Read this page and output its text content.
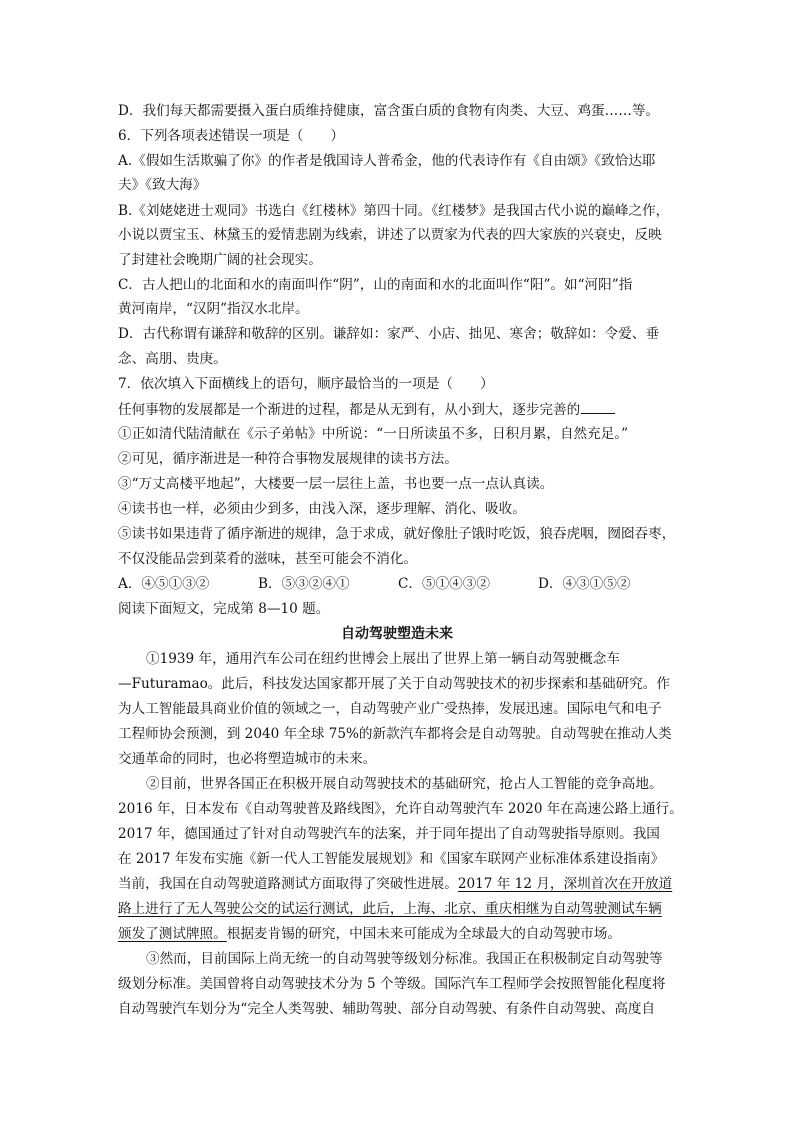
D．我们每天都需要摄入蛋白质维持健康，富含蛋白质的食物有肉类、大豆、鸡蛋……等。
6．下列各项表述错误一项是（　　）
A.《假如生活欺骗了你》的作者是俄国诗人普希金，他的代表诗作有《自由颂》《致恰达耶
夫》《致大海》
B.《刘姥姥进士观同》书选白《红楼林》第四十同。《红楼梦》是我国古代小说的巅峰之作，
小说以贾宝玉、林黛玉的爱情悲剧为线索，讲述了以贾家为代表的四大家族的兴衰史，反映
了封建社会晚期广阔的社会现实。
C．古人把山的北面和水的南面叫作“阴”，山的南面和水的北面叫作“阳”。如“河阳”指
黄河南岸，“汉阴”指汉水北岸。
D．古代称谓有谦辞和敬辞的区别。谦辞如：家严、小店、拙见、寒舍；敬辞如：令爱、垂
念、高朋、贵庚。
7．依次填入下面横线上的语句，顺序最恰当的一项是（　　）
任何事物的发展都是一个渐进的过程，都是从无到有，从小到大，逐步完善的
①正如清代陆清献在《示子弟帖》中所说：“一日所读虽不多，日积月累，自然充足。”
②可见，循序渐进是一种符合事物发展规律的读书方法。
③“万丈高楼平地起”，大楼要一层一层往上盖，书也要一点一点认真读。
④读书也一样，必须由少到多，由浅入深，逐步理解、消化、吸收。
⑤读书如果违背了循序渐进的规律，急于求成，就好像肚子饿时吃饭，狼吞虎咽，囫囵吞枣，
不仅没能品尝到菜肴的滋味，甚至可能会不消化。
A．④⑤①③②	B．⑤③②④①	C．⑤①④③②	D．④③①⑤②
阅读下面短文，完成第 8—10 题。
自动驾驶塑造未来
①1939 年，通用汽车公司在纽约世博会上展出了世界上第一辆自动驾驶概念车
—Futuramao。此后，科技发达国家都开展了关于自动驾驶技术的初步探索和基础研究。作
为人工智能最具商业价值的领域之一，自动驾驶产业广受热捧，发展迅速。国际电气和电子
工程师协会预测，到 2040 年全球 75%的新款汽车都将会是自动驾驶。自动驾驶在推动人类
交通革命的同时，也必将塑造城市的未来。
②目前，世界各国正在积极开展自动驾驶技术的基础研究，抢占人工智能的竞争高地。
2016 年，日本发布《自动驾驶普及路线图》，允许自动驾驶汽车 2020 年在高速公路上通行。
2017 年，德国通过了针对自动驾驶汽车的法案，并于同年提出了自动驾驶指导原则。我国
在 2017 年发布实施《新一代人工智能发展规划》和《国家车联网产业标准体系建设指南》
当前，我国在自动驾驶道路测试方面取得了突破性进展。2017 年 12 月，深圳首次在开放道
路上进行了无人驾驶公交的试运行测试，此后，上海、北京、重庆相继为自动驾驶测试车辆
颁发了测试牌照。根据麦肯锡的研究，中国未来可能成为全球最大的自动驾驶市场。
③然而，目前国际上尚无统一的自动驾驶等级划分标准。我国正在积极制定自动驾驶等
级划分标准。美国曾将自动驾驶技术分为 5 个等级。国际汽车工程师学会按照智能化程度将
自动驾驶汽车划分为“完全人类驾驶、辅助驾驶、部分自动驾驶、有条件自动驾驶、高度自
